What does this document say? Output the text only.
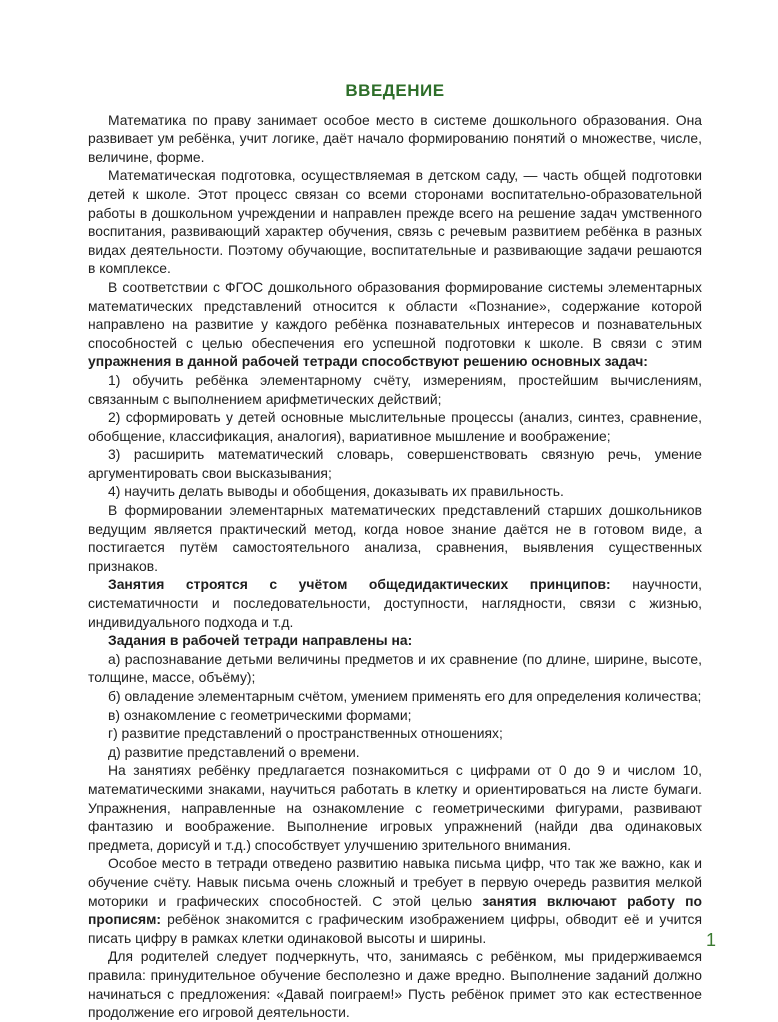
ВВЕДЕНИЕ

Математика по праву занимает особое место в системе дошкольного образования. Она развивает ум ребёнка, учит логике, даёт начало формированию понятий о множестве, числе, величине, форме.

Математическая подготовка, осуществляемая в детском саду, — часть общей подготовки детей к школе. Этот процесс связан со всеми сторонами воспитательно-образовательной работы в дошкольном учреждении и направлен прежде всего на решение задач умственного воспитания, развивающий характер обучения, связь с речевым развитием ребёнка в разных видах деятельности. Поэтому обучающие, воспитательные и развивающие задачи решаются в комплексе.

В соответствии с ФГОС дошкольного образования формирование системы элементарных математических представлений относится к области «Познание», содержание которой направлено на развитие у каждого ребёнка познавательных интересов и познавательных способностей с целью обеспечения его успешной подготовки к школе. В связи с этим упражнения в данной рабочей тетради способствуют решению основных задач:

1) обучить ребёнка элементарному счёту, измерениям, простейшим вычислениям, связанным с выполнением арифметических действий;

2) сформировать у детей основные мыслительные процессы (анализ, синтез, сравнение, обобщение, классификация, аналогия), вариативное мышление и воображение;

3) расширить математический словарь, совершенствовать связную речь, умение аргументировать свои высказывания;

4) научить делать выводы и обобщения, доказывать их правильность.

В формировании элементарных математических представлений старших дошкольников ведущим является практический метод, когда новое знание даётся не в готовом виде, а постигается путём самостоятельного анализа, сравнения, выявления существенных признаков.

Занятия строятся с учётом общедидактических принципов: научности, систематичности и последовательности, доступности, наглядности, связи с жизнью, индивидуального подхода и т.д.

Задания в рабочей тетради направлены на:

а) распознавание детьми величины предметов и их сравнение (по длине, ширине, высоте, толщине, массе, объёму);

б) овладение элементарным счётом, умением применять его для определения количества;

в) ознакомление с геометрическими формами;

г) развитие представлений о пространственных отношениях;

д) развитие представлений о времени.

На занятиях ребёнку предлагается познакомиться с цифрами от 0 до 9 и числом 10, математическими знаками, научиться работать в клетку и ориентироваться на листе бумаги. Упражнения, направленные на ознакомление с геометрическими фигурами, развивают фантазию и воображение. Выполнение игровых упражнений (найди два одинаковых предмета, дорисуй и т.д.) способствует улучшению зрительного внимания.

Особое место в тетради отведено развитию навыка письма цифр, что так же важно, как и обучение счёту. Навык письма очень сложный и требует в первую очередь развития мелкой моторики и графических способностей. С этой целью занятия включают работу по прописям: ребёнок знакомится с графическим изображением цифры, обводит её и учится писать цифру в рамках клетки одинаковой высоты и ширины.

Для родителей следует подчеркнуть, что, занимаясь с ребёнком, мы придерживаемся правила: принудительное обучение бесполезно и даже вредно. Выполнение заданий должно начинаться с предложения: «Давай поиграем!» Пусть ребёнок примет это как естественное продолжение его игровой деятельности.

1
